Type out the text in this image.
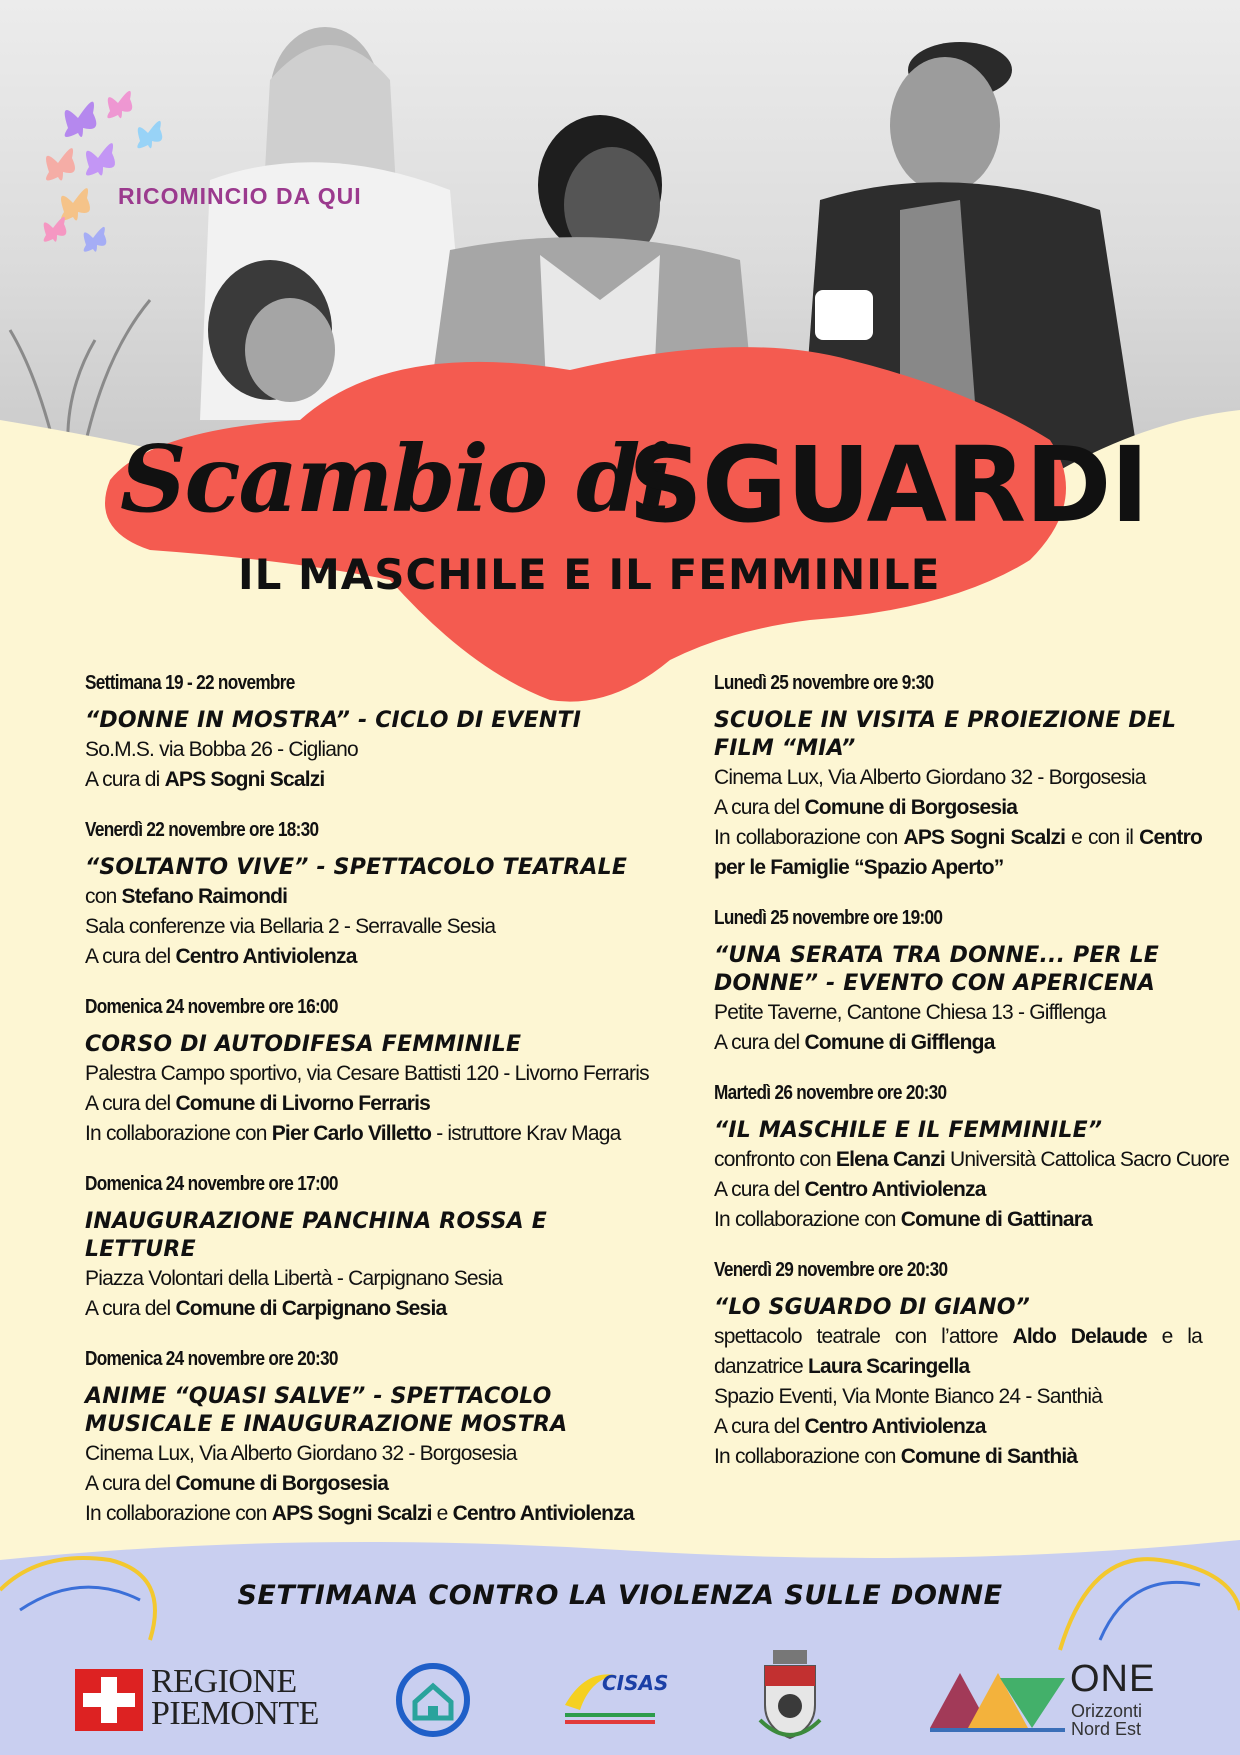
RICOMINCIO DA QUI
Scambio di
SGUARDI
IL MASCHILE E IL FEMMINILE
Settimana 19 - 22 novembre
“DONNE IN MOSTRA” - CICLO DI EVENTI
So.M.S. via Bobba 26 - Cigliano
A cura di APS Sogni Scalzi
Venerdì 22 novembre ore 18:30
“SOLTANTO VIVE” - SPETTACOLO TEATRALE
con Stefano Raimondi
Sala conferenze via Bellaria 2 - Serravalle Sesia
A cura del Centro Antiviolenza
Domenica 24 novembre ore 16:00
CORSO DI AUTODIFESA FEMMINILE
Palestra Campo sportivo, via Cesare Battisti 120 - Livorno Ferraris
A cura del Comune di Livorno Ferraris
In collaborazione con Pier Carlo Villetto - istruttore Krav Maga
Domenica 24 novembre ore 17:00
INAUGURAZIONE PANCHINA ROSSA E LETTURE
Piazza Volontari della Libertà - Carpignano Sesia
A cura del Comune di Carpignano Sesia
Domenica 24 novembre ore 20:30
ANIME “QUASI SALVE” - SPETTACOLO MUSICALE E INAUGURAZIONE MOSTRA
Cinema Lux, Via Alberto Giordano 32 - Borgosesia
A cura del Comune di Borgosesia
In collaborazione con APS Sogni Scalzi e Centro Antiviolenza
Lunedì 25 novembre ore 9:30
SCUOLE IN VISITA E PROIEZIONE DEL FILM “MIA”
Cinema Lux, Via Alberto Giordano 32 - Borgosesia
A cura del Comune di Borgosesia
In collaborazione con APS Sogni Scalzi e con il Centro per le Famiglie “Spazio Aperto”
Lunedì 25 novembre ore 19:00
“UNA SERATA TRA DONNE... PER LE DONNE” - EVENTO CON APERICENA
Petite Taverne, Cantone Chiesa 13 - Gifflenga
A cura del Comune di Gifflenga
Martedì 26 novembre ore 20:30
“IL MASCHILE E IL FEMMINILE”
confronto con Elena Canzi Università Cattolica Sacro Cuore
A cura del Centro Antiviolenza
In collaborazione con Comune di Gattinara
Venerdì 29 novembre ore 20:30
“LO SGUARDO DI GIANO”
spettacolo teatrale con l’attore Aldo Delaude e la danzatrice Laura Scaringella
Spazio Eventi, Via Monte Bianco 24 - Santhià
A cura del Centro Antiviolenza
In collaborazione con Comune di Santhià
SETTIMANA CONTRO LA VIOLENZA SULLE DONNE
REGIONE
PIEMONTE
CISAS	ONE
Orizzonti
Nord Est
